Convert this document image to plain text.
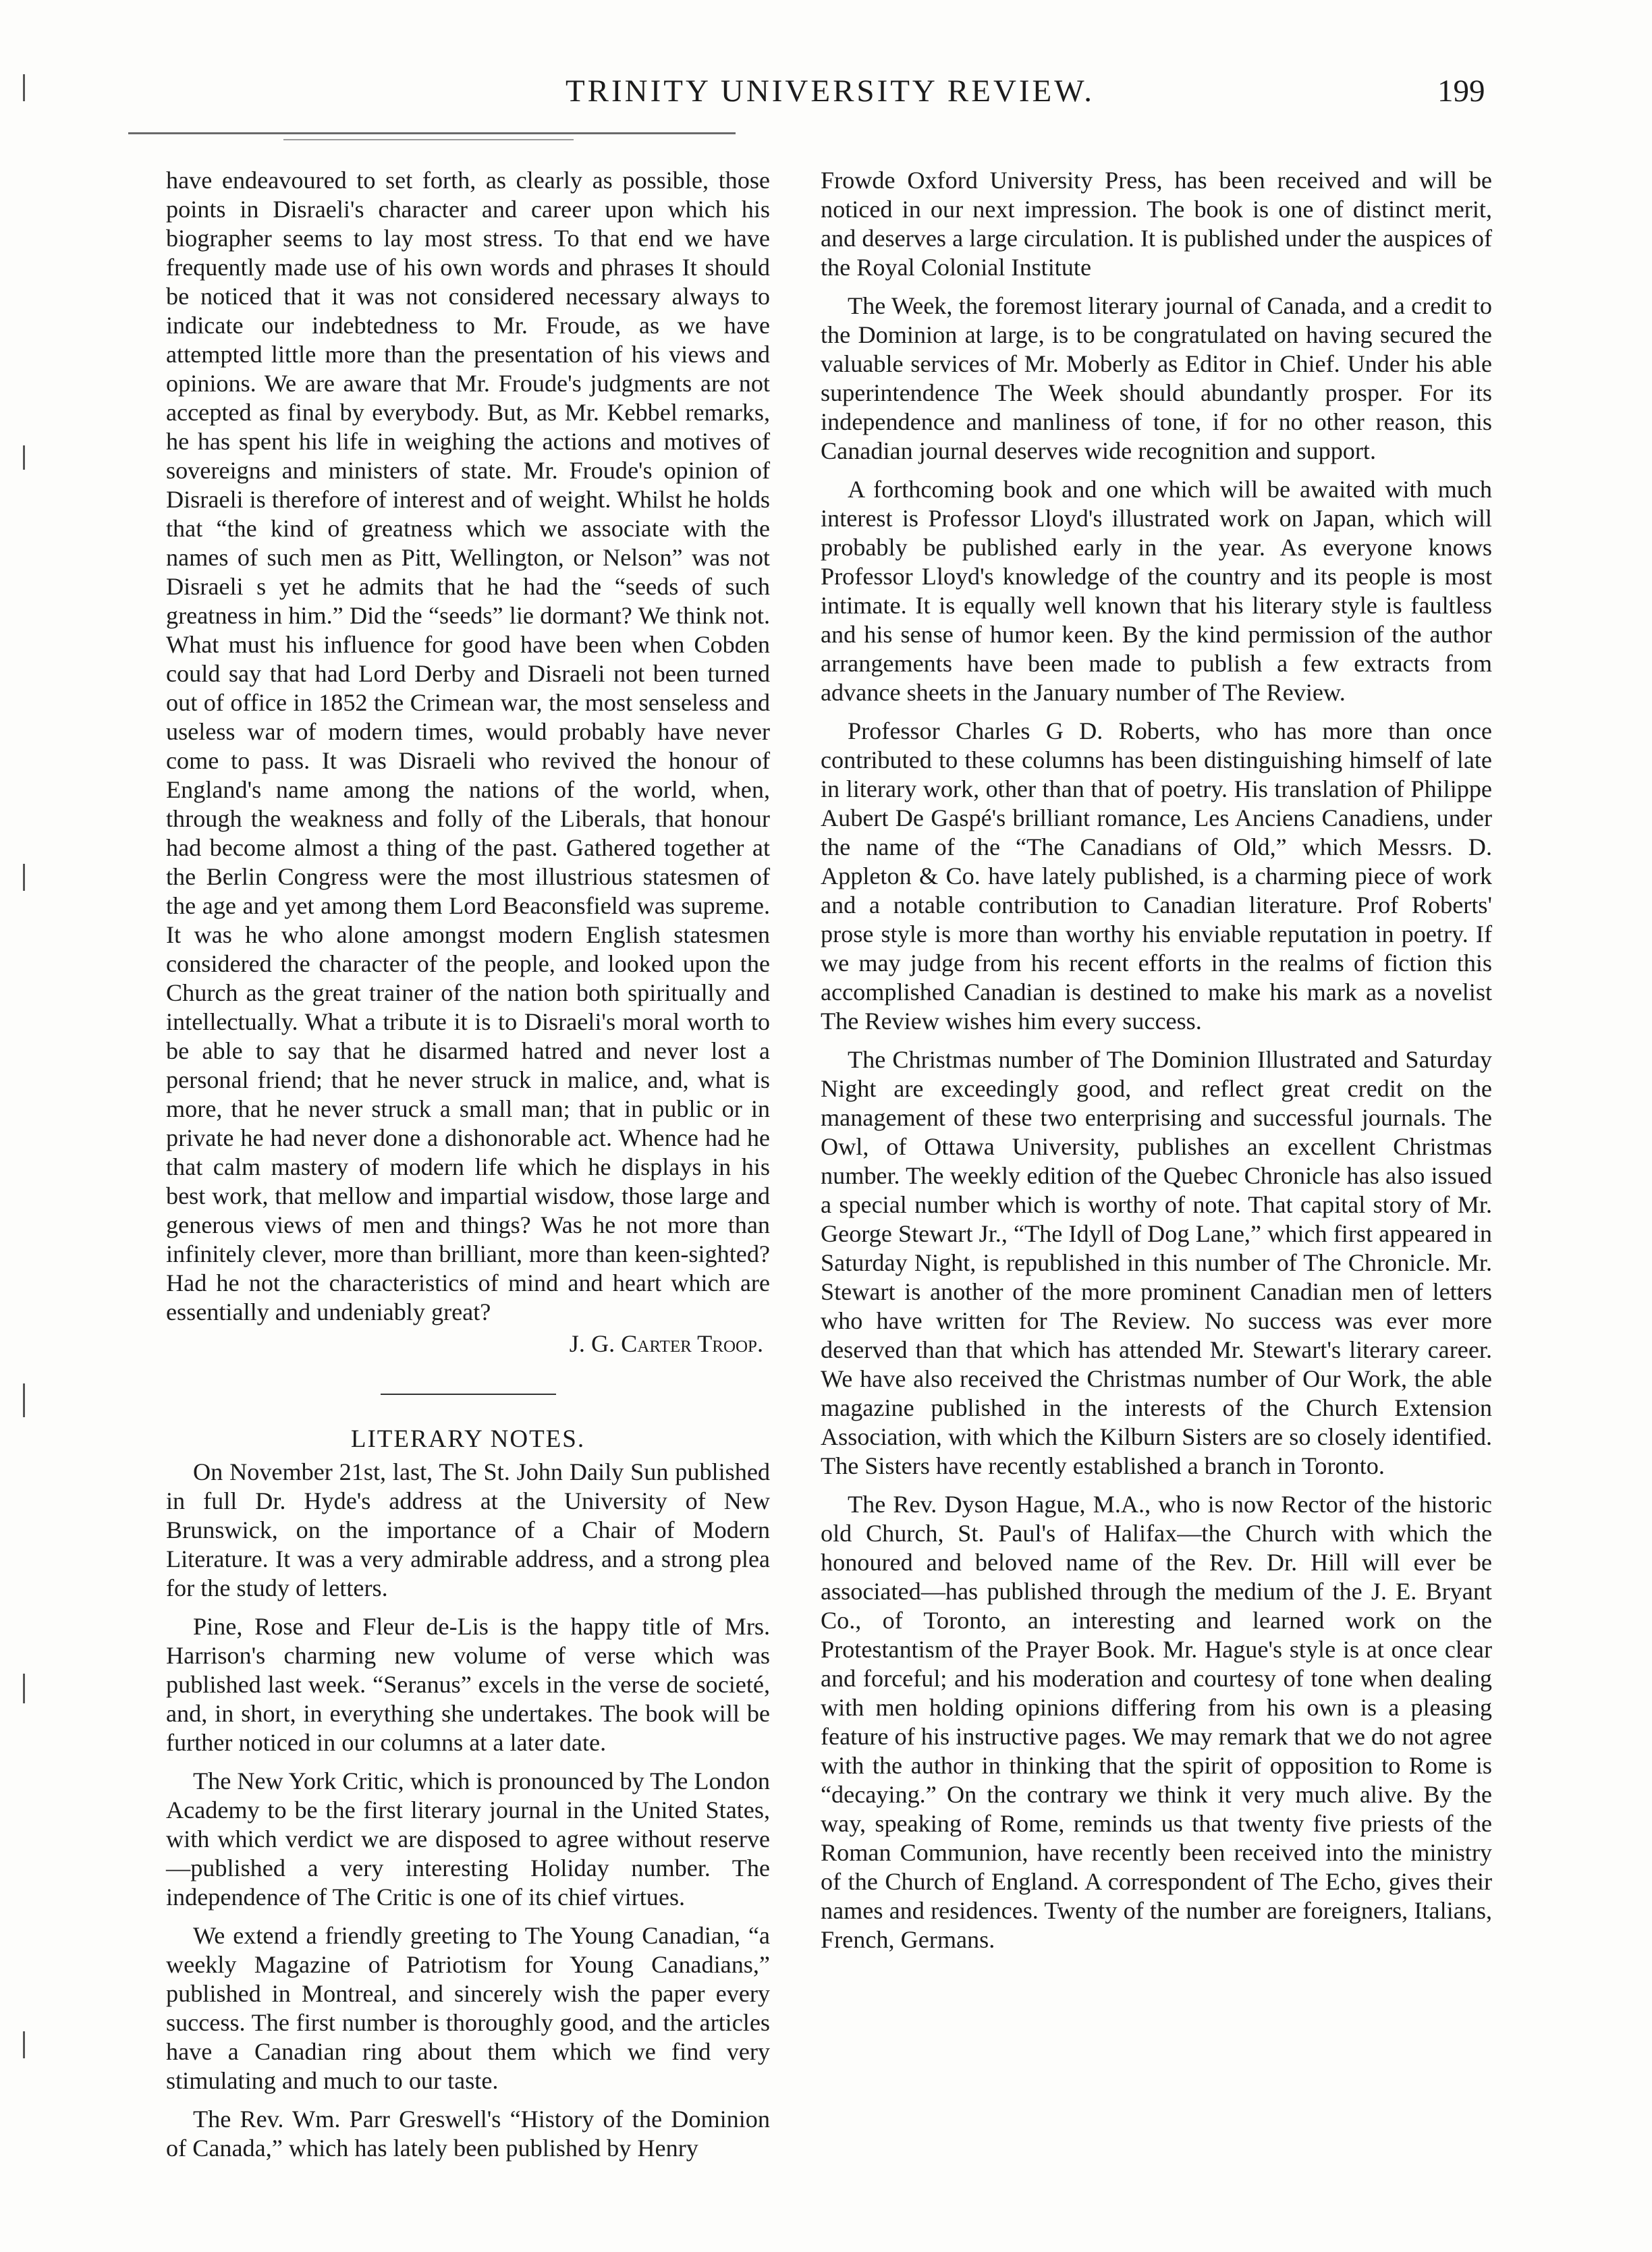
TRINITY UNIVERSITY REVIEW.	199

have endeavoured to set forth, as clearly as possible, those points in Disraeli's character and career upon which his biographer seems to lay most stress. To that end we have frequently made use of his own words and phrases It should be noticed that it was not considered necessary always to indicate our indebtedness to Mr. Froude, as we have attempted little more than the presentation of his views and opinions. We are aware that Mr. Froude's judgments are not accepted as final by everybody. But, as Mr. Kebbel remarks, he has spent his life in weighing the actions and motives of sovereigns and ministers of state. Mr. Froude's opinion of Disraeli is therefore of interest and of weight. Whilst he holds that “the kind of greatness which we associate with the names of such men as Pitt, Wellington, or Nelson” was not Disraeli s yet he admits that he had the “seeds of such greatness in him.” Did the “seeds” lie dormant? We think not. What must his influence for good have been when Cobden could say that had Lord Derby and Disraeli not been turned out of office in 1852 the Crimean war, the most senseless and useless war of modern times, would probably have never come to pass. It was Disraeli who revived the honour of England's name among the nations of the world, when, through the weakness and folly of the Liberals, that honour had become almost a thing of the past. Gathered together at the Berlin Congress were the most illustrious statesmen of the age and yet among them Lord Beaconsfield was supreme. It was he who alone amongst modern English statesmen considered the character of the people, and looked upon the Church as the great trainer of the nation both spiritually and intellectually. What a tribute it is to Disraeli's moral worth to be able to say that he disarmed hatred and never lost a personal friend; that he never struck in malice, and, what is more, that he never struck a small man; that in public or in private he had never done a dishonorable act. Whence had he that calm mastery of modern life which he displays in his best work, that mellow and impartial wisdow, those large and generous views of men and things? Was he not more than infinitely clever, more than brilliant, more than keen-sighted? Had he not the characteristics of mind and heart which are essentially and undeniably great?

J. G. Carter Troop.

LITERARY NOTES.

On November 21st, last, The St. John Daily Sun published in full Dr. Hyde's address at the University of New Brunswick, on the importance of a Chair of Modern Literature. It was a very admirable address, and a strong plea for the study of letters.

Pine, Rose and Fleur de-Lis is the happy title of Mrs. Harrison's charming new volume of verse which was published last week. “Seranus” excels in the verse de societé, and, in short, in everything she undertakes. The book will be further noticed in our columns at a later date.

The New York Critic, which is pronounced by The London Academy to be the first literary journal in the United States, with which verdict we are disposed to agree without reserve—published a very interesting Holiday number. The independence of The Critic is one of its chief virtues.

We extend a friendly greeting to The Young Canadian, “a weekly Magazine of Patriotism for Young Canadians,” published in Montreal, and sincerely wish the paper every success. The first number is thoroughly good, and the articles have a Canadian ring about them which we find very stimulating and much to our taste.

The Rev. Wm. Parr Greswell's “History of the Dominion of Canada,” which has lately been published by Henry

Frowde Oxford University Press, has been received and will be noticed in our next impression. The book is one of distinct merit, and deserves a large circulation. It is published under the auspices of the Royal Colonial Institute

The Week, the foremost literary journal of Canada, and a credit to the Dominion at large, is to be congratulated on having secured the valuable services of Mr. Moberly as Editor in Chief. Under his able superintendence The Week should abundantly prosper. For its independence and manliness of tone, if for no other reason, this Canadian journal deserves wide recognition and support.

A forthcoming book and one which will be awaited with much interest is Professor Lloyd's illustrated work on Japan, which will probably be published early in the year. As everyone knows Professor Lloyd's knowledge of the country and its people is most intimate. It is equally well known that his literary style is faultless and his sense of humor keen. By the kind permission of the author arrangements have been made to publish a few extracts from advance sheets in the January number of The Review.

Professor Charles G D. Roberts, who has more than once contributed to these columns has been distinguishing himself of late in literary work, other than that of poetry. His translation of Philippe Aubert De Gaspé's brilliant romance, Les Anciens Canadiens, under the name of the “The Canadians of Old,” which Messrs. D. Appleton & Co. have lately published, is a charming piece of work and a notable contribution to Canadian literature. Prof Roberts' prose style is more than worthy his enviable reputation in poetry. If we may judge from his recent efforts in the realms of fiction this accomplished Canadian is destined to make his mark as a novelist The Review wishes him every success.

The Christmas number of The Dominion Illustrated and Saturday Night are exceedingly good, and reflect great credit on the management of these two enterprising and successful journals. The Owl, of Ottawa University, publishes an excellent Christmas number. The weekly edition of the Quebec Chronicle has also issued a special number which is worthy of note. That capital story of Mr. George Stewart Jr., “The Idyll of Dog Lane,” which first appeared in Saturday Night, is republished in this number of The Chronicle. Mr. Stewart is another of the more prominent Canadian men of letters who have written for The Review. No success was ever more deserved than that which has attended Mr. Stewart's literary career. We have also received the Christmas number of Our Work, the able magazine published in the interests of the Church Extension Association, with which the Kilburn Sisters are so closely identified. The Sisters have recently established a branch in Toronto.

The Rev. Dyson Hague, M.A., who is now Rector of the historic old Church, St. Paul's of Halifax—the Church with which the honoured and beloved name of the Rev. Dr. Hill will ever be associated—has published through the medium of the J. E. Bryant Co., of Toronto, an interesting and learned work on the Protestantism of the Prayer Book. Mr. Hague's style is at once clear and forceful; and his moderation and courtesy of tone when dealing with men holding opinions differing from his own is a pleasing feature of his instructive pages. We may remark that we do not agree with the author in thinking that the spirit of opposition to Rome is “decaying.” On the contrary we think it very much alive. By the way, speaking of Rome, reminds us that twenty five priests of the Roman Communion, have recently been received into the ministry of the Church of England. A correspondent of The Echo, gives their names and residences. Twenty of the number are foreigners, Italians, French, Germans.
